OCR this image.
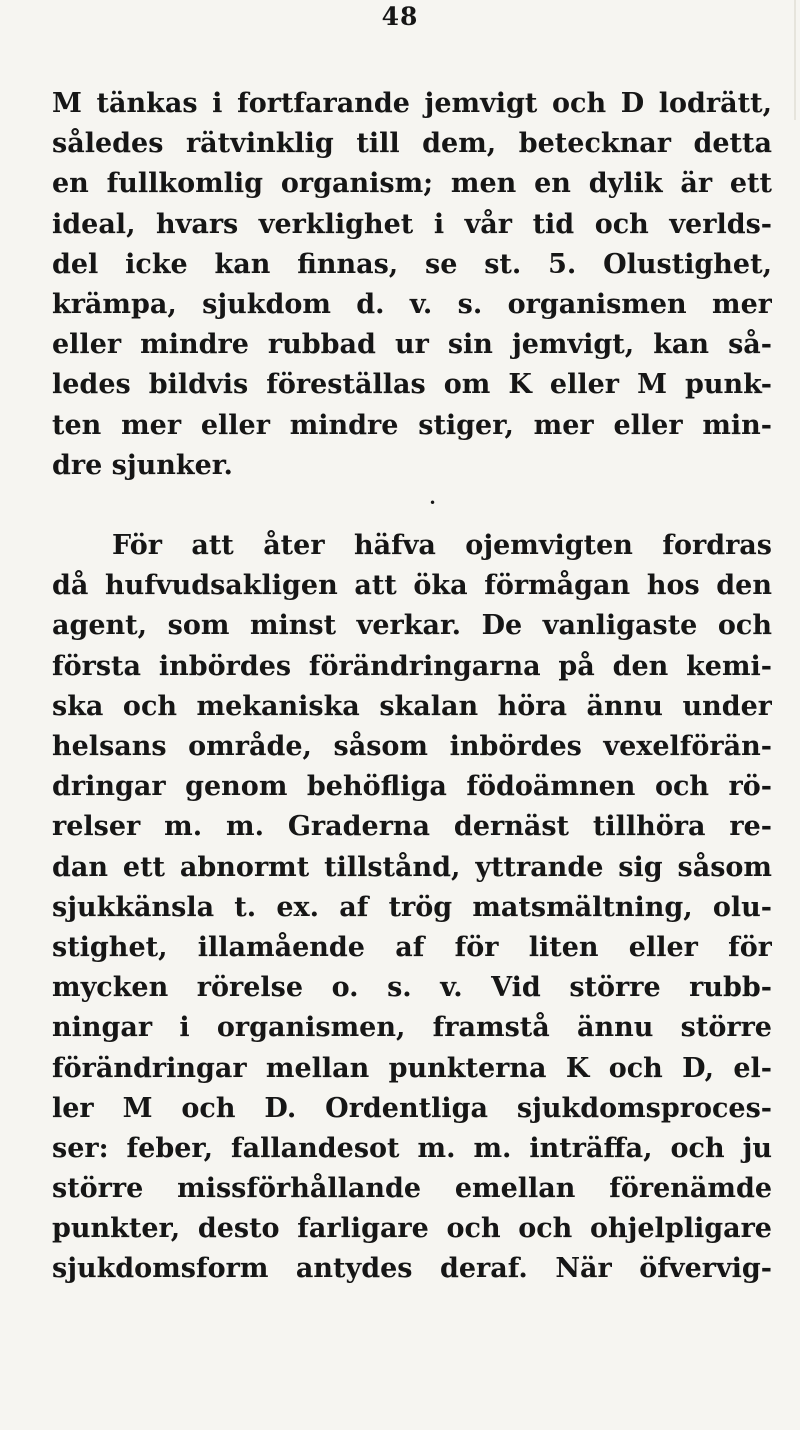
48
M tänkas i fortfarande jemvigt och D lodrätt,
således rätvinklig till dem, betecknar detta
en fullkomlig organism; men en dylik är ett
ideal, hvars verklighet i vår tid och verlds-
del icke kan finnas, se st. 5. Olustighet,
krämpa, sjukdom d. v. s. organismen mer
eller mindre rubbad ur sin jemvigt, kan så-
ledes bildvis föreställas om K eller M punk-
ten mer eller mindre stiger, mer eller min-
dre sjunker.
•
För att åter häfva ojemvigten fordras
då hufvudsakligen att öka förmågan hos den
agent, som minst verkar. De vanligaste och
första inbördes förändringarna på den kemi-
ska och mekaniska skalan höra ännu under
helsans område, såsom inbördes vexelförän-
dringar genom behöfliga födoämnen och rö-
relser m. m. Graderna dernäst tillhöra re-
dan ett abnormt tillstånd, yttrande sig såsom
sjukkänsla t. ex. af trög matsmältning, olu-
stighet, illamående af för liten eller för
mycken rörelse o. s. v. Vid större rubb-
ningar i organismen, framstå ännu större
förändringar mellan punkterna K och D, el-
ler M och D. Ordentliga sjukdomsproces-
ser: feber, fallandesot m. m. inträffa, och ju
större missförhållande emellan förenämde
punkter, desto farligare och och ohjelpligare
sjukdomsform antydes deraf. När öfvervig-
